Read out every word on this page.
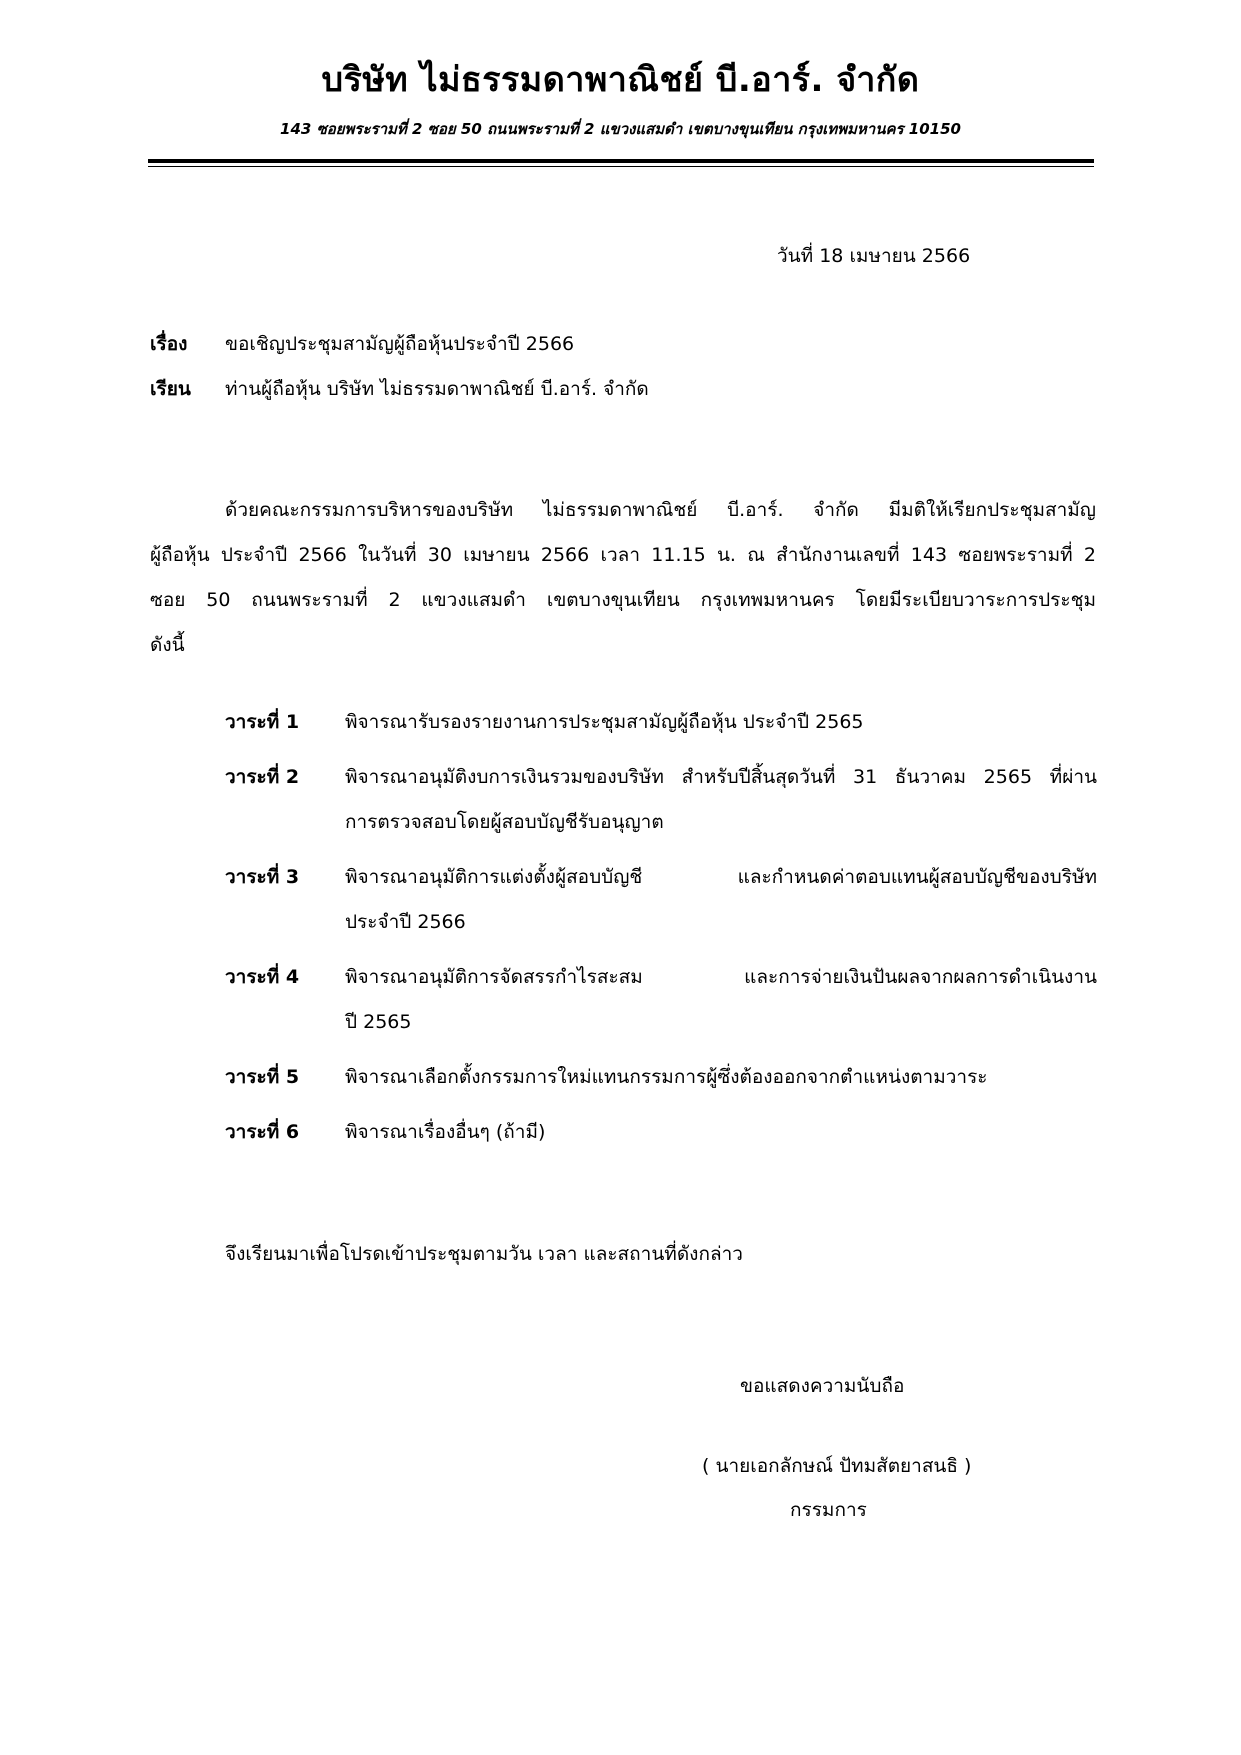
บริษัท ไม่ธรรมดาพาณิชย์ บี.อาร์. จำกัด
143 ซอยพระรามที่ 2 ซอย 50 ถนนพระรามที่ 2 แขวงแสมดำ เขตบางขุนเทียน กรุงเทพมหานคร 10150
วันที่ 18 เมษายน 2566
เรื่อง ขอเชิญประชุมสามัญผู้ถือหุ้นประจำปี 2566
เรียน ท่านผู้ถือหุ้น บริษัท ไม่ธรรมดาพาณิชย์ บี.อาร์. จำกัด
ด้วยคณะกรรมการบริหารของบริษัท ไม่ธรรมดาพาณิชย์ บี.อาร์. จำกัด มีมติให้เรียกประชุมสามัญ
ผู้ถือหุ้น ประจำปี 2566 ในวันที่ 30 เมษายน 2566 เวลา 11.15 น. ณ สำนักงานเลขที่ 143 ซอยพระรามที่ 2
ซอย 50 ถนนพระรามที่ 2 แขวงแสมดำ เขตบางขุนเทียน กรุงเทพมหานคร โดยมีระเบียบวาระการประชุม
ดังนี้
วาระที่ 1	พิจารณารับรองรายงานการประชุมสามัญผู้ถือหุ้น ประจำปี 2565
วาระที่ 2	พิจารณาอนุมัติงบการเงินรวมของบริษัท สำหรับปีสิ้นสุดวันที่ 31 ธันวาคม 2565 ที่ผ่าน
การตรวจสอบโดยผู้สอบบัญชีรับอนุญาต
วาระที่ 3	พิจารณาอนุมัติการแต่งตั้งผู้สอบบัญชี และกำหนดค่าตอบแทนผู้สอบบัญชีของบริษัท
ประจำปี 2566
วาระที่ 4	พิจารณาอนุมัติการจัดสรรกำไรสะสม และการจ่ายเงินปันผลจากผลการดำเนินงาน
ปี 2565
วาระที่ 5	พิจารณาเลือกตั้งกรรมการใหม่แทนกรรมการผู้ซึ่งต้องออกจากตำแหน่งตามวาระ
วาระที่ 6	พิจารณาเรื่องอื่นๆ (ถ้ามี)
จึงเรียนมาเพื่อโปรดเข้าประชุมตามวัน เวลา และสถานที่ดังกล่าว
ขอแสดงความนับถือ
( นายเอกลักษณ์ ปัทมสัตยาสนธิ )
กรรมการ
